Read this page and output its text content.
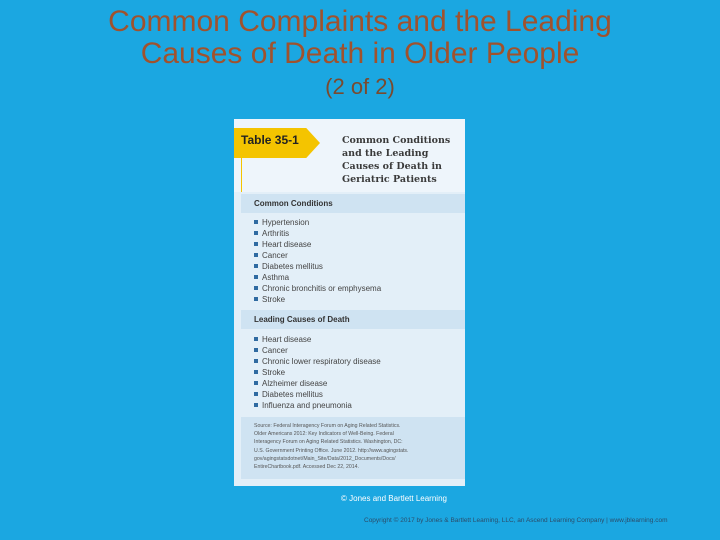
Common Complaints and the Leading
Causes of Death in Older People
(2 of 2)
Table 35-1	Common Conditions
and the Leading
Causes of Death in
Geriatric Patients
Common Conditions
Hypertension
Arthritis
Heart disease
Cancer
Diabetes mellitus
Asthma
Chronic bronchitis or emphysema
Stroke
Leading Causes of Death
Heart disease
Cancer
Chronic lower respiratory disease
Stroke
Alzheimer disease
Diabetes mellitus
Influenza and pneumonia
Source: Federal Interagency Forum on Aging Related Statistics.
Older Americans 2012: Key Indicators of Well-Being. Federal
Interagency Forum on Aging Related Statistics. Washington, DC:
U.S. Government Printing Office. June 2012. http://www.agingstats.
gov/agingstatsdotnet/Main_Site/Data/2012_Documents/Docs/
EntireChartbook.pdf. Accessed Dec 22, 2014.
© Jones and Bartlett Learning
Copyright © 2017 by Jones & Bartlett Learning, LLC, an Ascend Learning Company | www.jblearning.com
